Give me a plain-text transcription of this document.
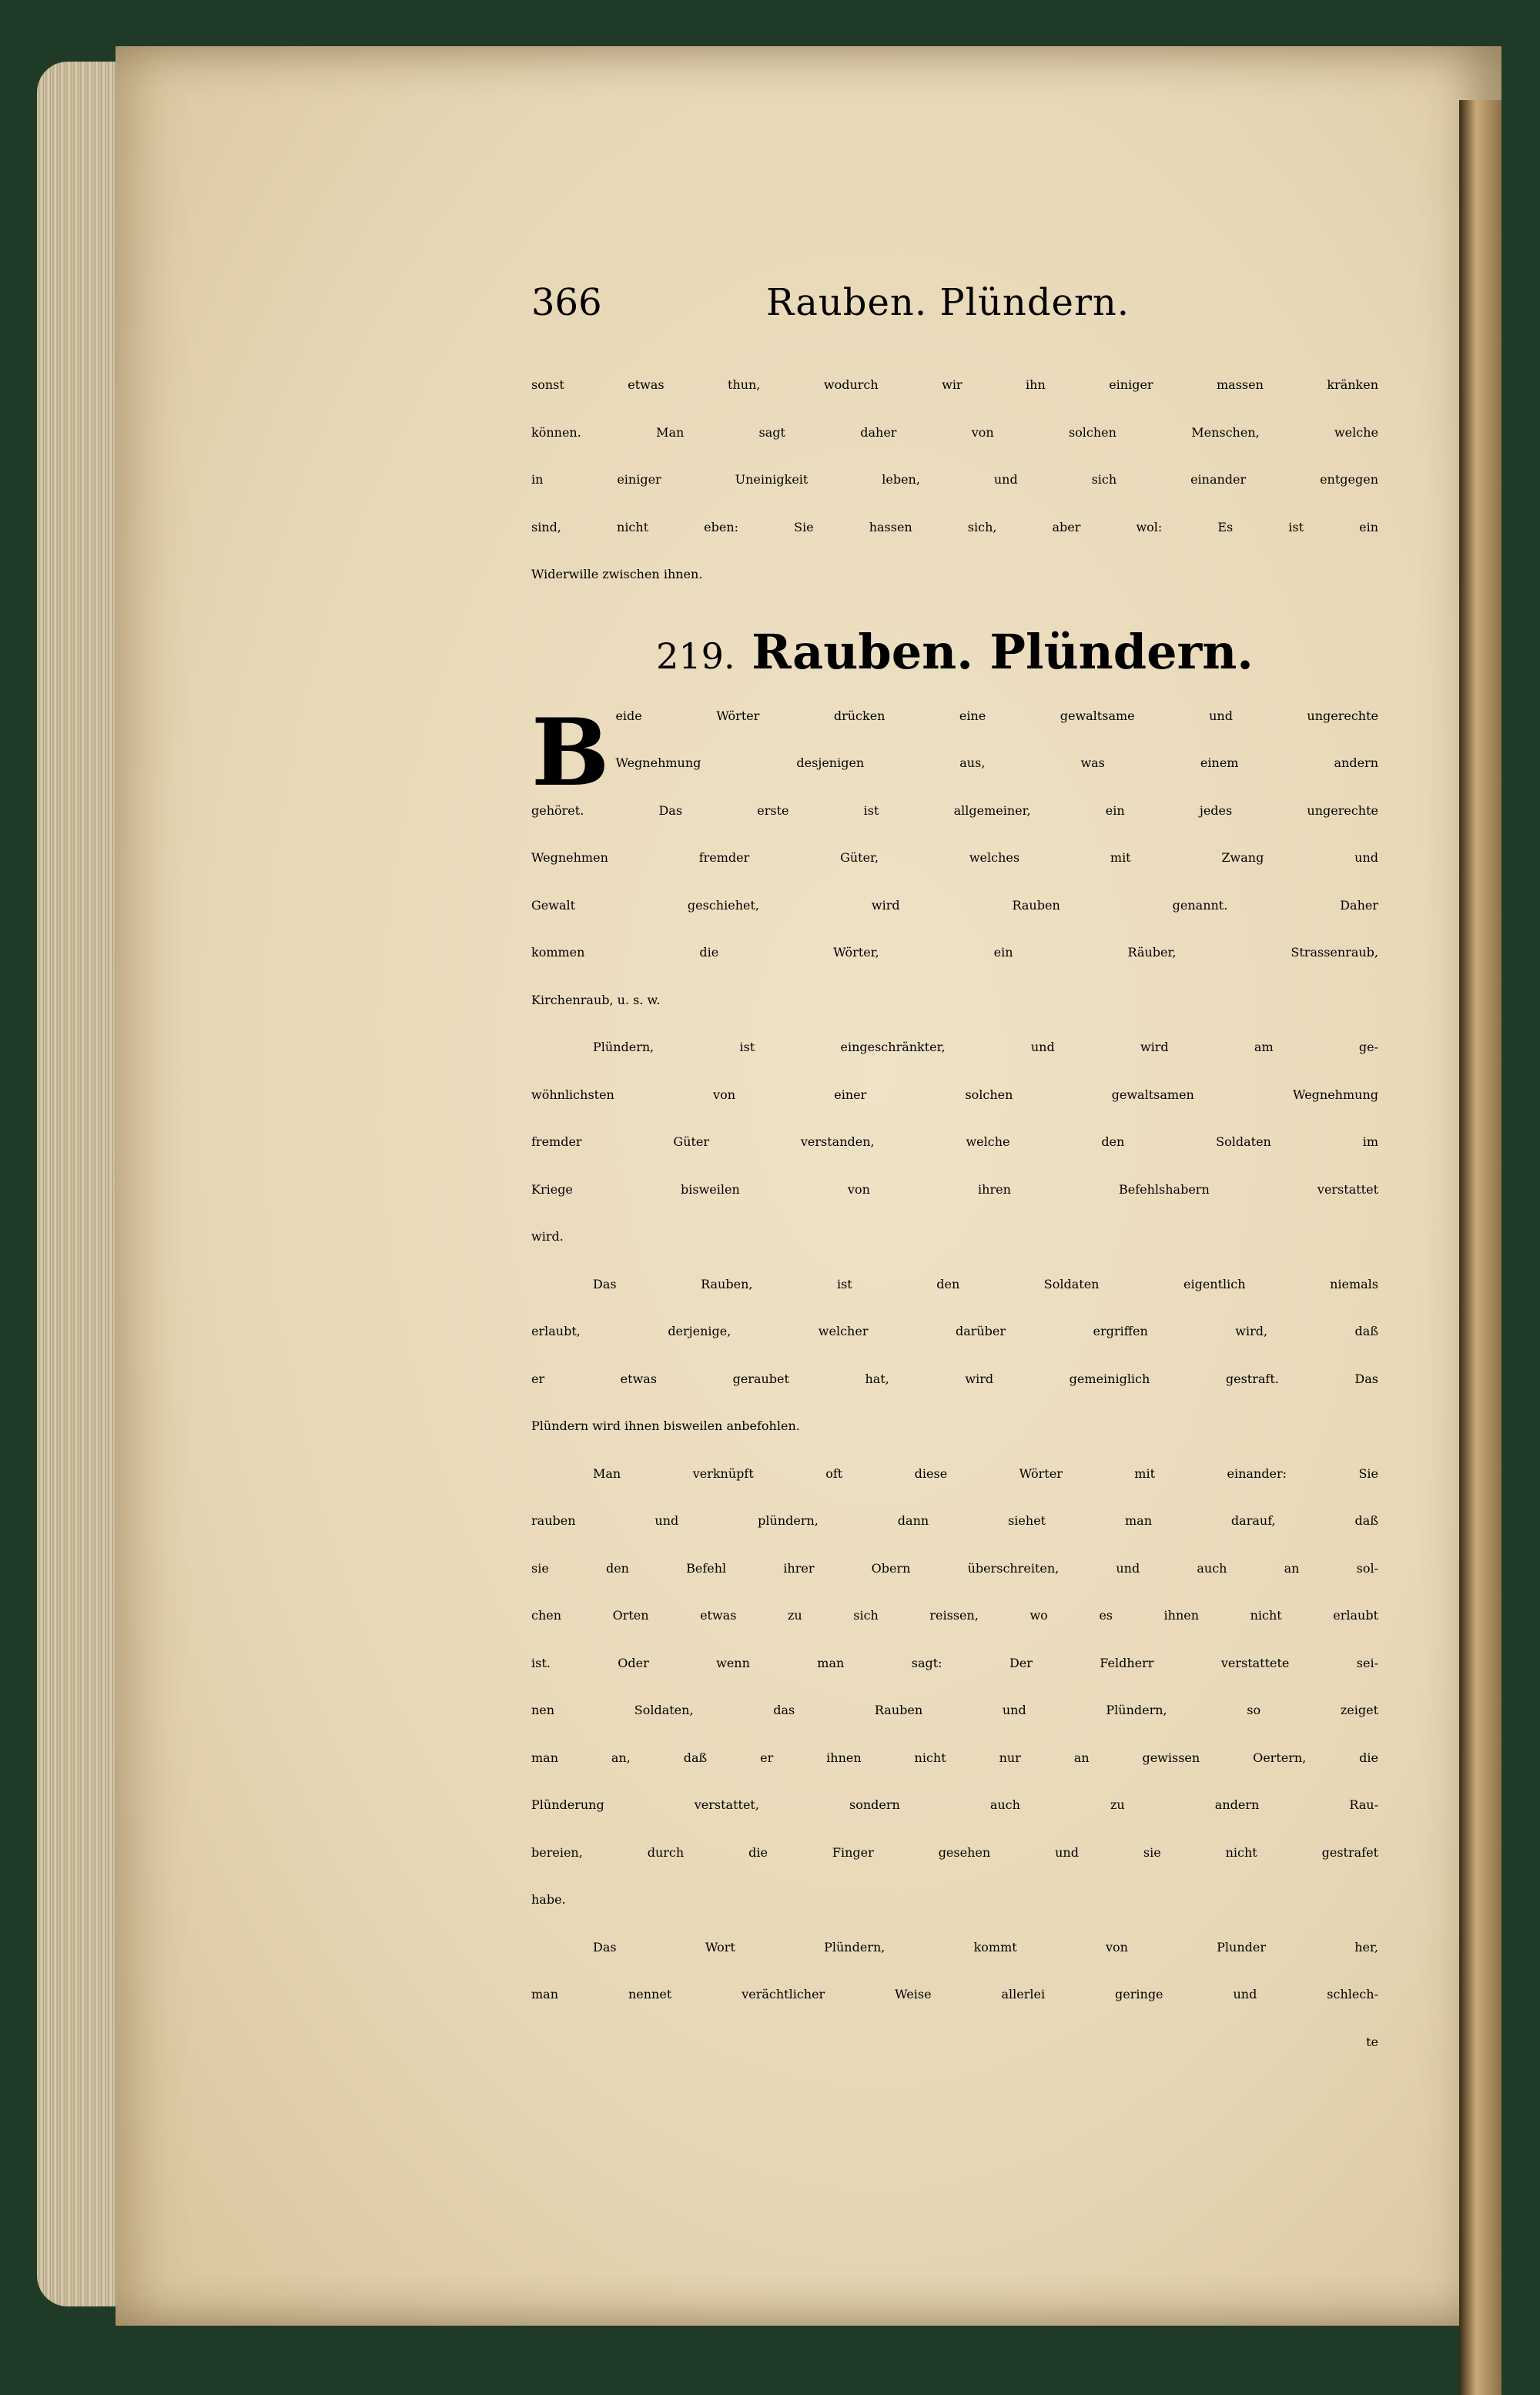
366	Rauben. Plündern.
sonst etwas thun, wodurch wir ihn einiger massen kränken
können. Man sagt daher von solchen Menschen, welche
in einiger Uneinigkeit leben, und sich einander entgegen
sind, nicht eben: Sie hassen sich, aber wol: Es ist ein
Widerwille zwischen ihnen.
219. Rauben. Plündern.
B eide Wörter drücken eine gewaltsame und ungerechte
Wegnehmung desjenigen aus, was einem andern
gehöret. Das erste ist allgemeiner, ein jedes ungerechte
Wegnehmen fremder Güter, welches mit Zwang und
Gewalt geschiehet, wird Rauben genannt. Daher
kommen die Wörter, ein Räuber, Strassenraub,
Kirchenraub, u. s. w.
Plündern, ist eingeschränkter, und wird am ge-
wöhnlichsten von einer solchen gewaltsamen Wegnehmung
fremder Güter verstanden, welche den Soldaten im
Kriege bisweilen von ihren Befehlshabern verstattet
wird.
Das Rauben, ist den Soldaten eigentlich niemals
erlaubt, derjenige, welcher darüber ergriffen wird, daß
er etwas geraubet hat, wird gemeiniglich gestraft. Das
Plündern wird ihnen bisweilen anbefohlen.
Man verknüpft oft diese Wörter mit einander: Sie
rauben und plündern, dann siehet man darauf, daß
sie den Befehl ihrer Obern überschreiten, und auch an sol-
chen Orten etwas zu sich reissen, wo es ihnen nicht erlaubt
ist. Oder wenn man sagt: Der Feldherr verstattete sei-
nen Soldaten, das Rauben und Plündern, so zeiget
man an, daß er ihnen nicht nur an gewissen Oertern, die
Plünderung verstattet, sondern auch zu andern Rau-
bereien, durch die Finger gesehen und sie nicht gestrafet
habe.
Das Wort Plündern, kommt von Plunder her,
man nennet verächtlicher Weise allerlei geringe und schlech-
te
